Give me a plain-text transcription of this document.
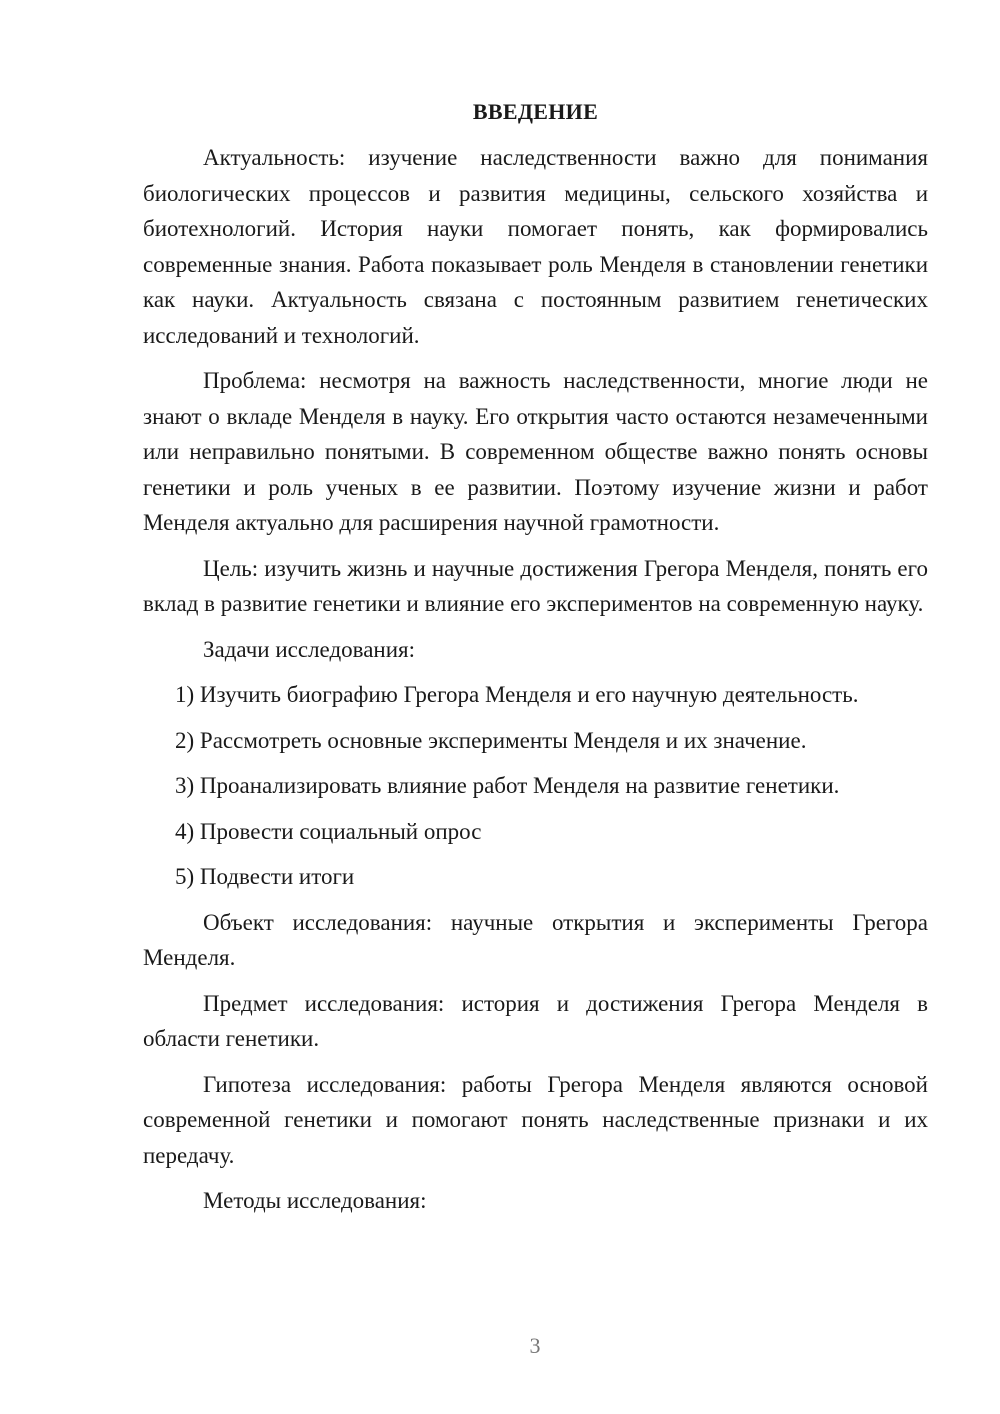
ВВЕДЕНИЕ

Актуальность: изучение наследственности важно для понимания биологических процессов и развития медицины, сельского хозяйства и биотехнологий. История науки помогает понять, как формировались современные знания. Работа показывает роль Менделя в становлении генетики как науки. Актуальность связана с постоянным развитием генетических исследований и технологий.

Проблема: несмотря на важность наследственности, многие люди не знают о вкладе Менделя в науку. Его открытия часто остаются незамеченными или неправильно понятыми. В современном обществе важно понять основы генетики и роль ученых в ее развитии. Поэтому изучение жизни и работ Менделя актуально для расширения научной грамотности.

Цель: изучить жизнь и научные достижения Грегора Менделя, понять его вклад в развитие генетики и влияние его экспериментов на современную науку.

Задачи исследования:

1) Изучить биографию Грегора Менделя и его научную деятельность.
2) Рассмотреть основные эксперименты Менделя и их значение.
3) Проанализировать влияние работ Менделя на развитие генетики.
4) Провести социальный опрос
5) Подвести итоги

Объект исследования: научные открытия и эксперименты Грегора Менделя.

Предмет исследования: история и достижения Грегора Менделя в области генетики.

Гипотеза исследования: работы Грегора Менделя являются основой современной генетики и помогают понять наследственные признаки и их передачу.

Методы исследования:

3
